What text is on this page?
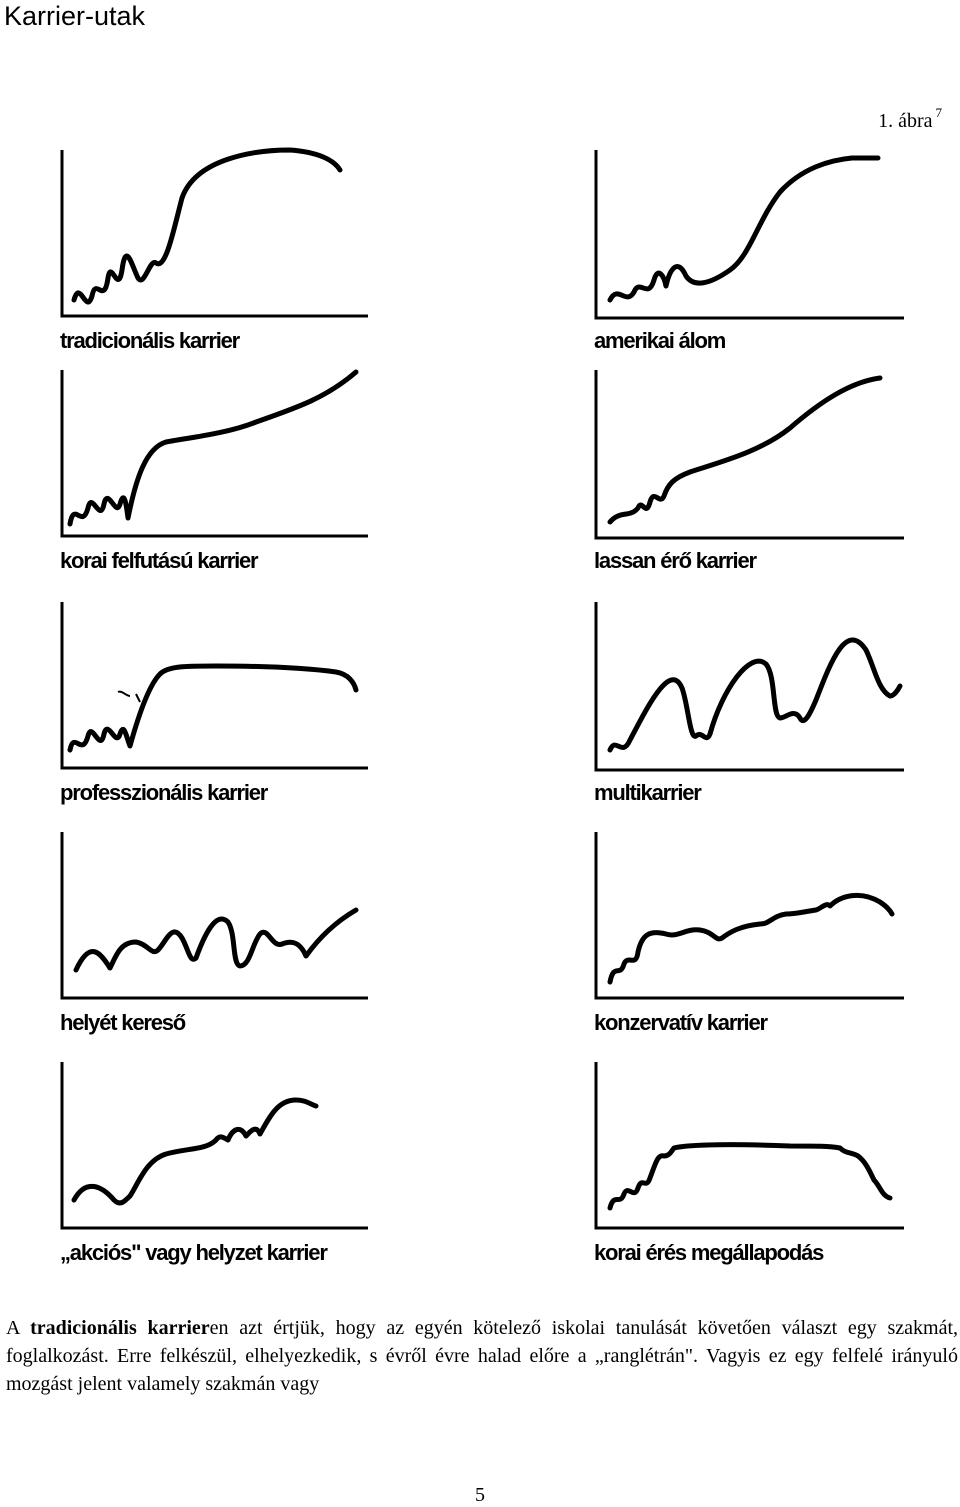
Karrier-utak
1. ábra $^7$
tradicionális karrier	amerikai álom
korai felfutású karrier	lassan érő karrier
professzionális karrier	multikarrier
helyét kereső	konzervatív karrier
„akciós" vagy helyzet karrier	korai érés megállapodás

A tradicionális karrieren azt értjük, hogy az egyén kötelező iskolai tanulását követően választ egy szakmát, foglalkozást. Erre felkészül, elhelyezkedik, s évről évre halad előre a „ranglétrán". Vagyis ez egy felfelé irányuló mozgást jelent valamely szakmán vagy

5
